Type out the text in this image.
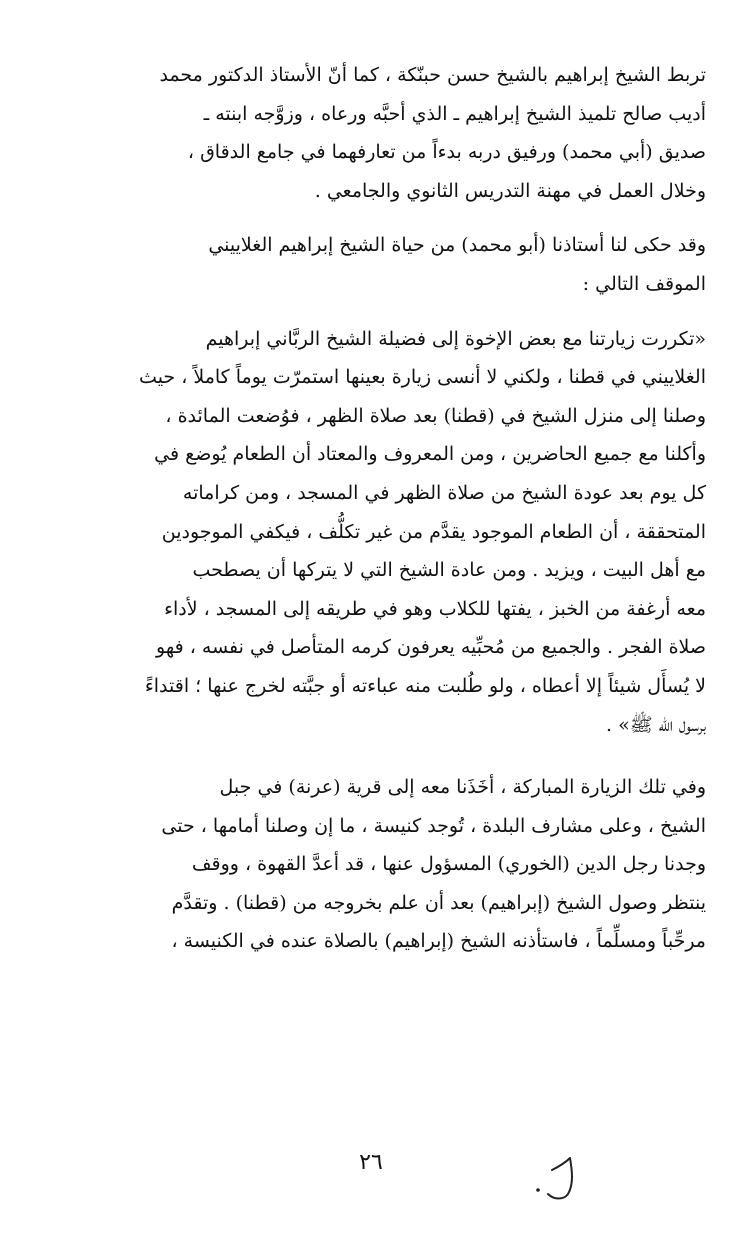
تربط الشيخ إبراهيم بالشيخ حسن حبنّكة ، كما أنّ الأستاذ الدكتور محمد
أديب صالح تلميذ الشيخ إبراهيم ـ الذي أحبَّه ورعاه ، وزوَّجه ابنته ـ
صديق (أبي محمد) ورفيق دربه بدءاً من تعارفهما في جامع الدقاق ،
وخلال العمل في مهنة التدريس الثانوي والجامعي .

وقد حكى لنا أستاذنا (أبو محمد) من حياة الشيخ إبراهيم الغلاييني
الموقف التالي :

«تكررت زيارتنا مع بعض الإخوة إلى فضيلة الشيخ الربَّاني إبراهيم
الغلاييني في قطنا ، ولكني لا أنسى زيارة بعينها استمرّت يوماً كاملاً ، حيث
وصلنا إلى منزل الشيخ في (قطنا) بعد صلاة الظهر ، فوُضعت المائدة ،
وأكلنا مع جميع الحاضرين ، ومن المعروف والمعتاد أن الطعام يُوضع في
كل يوم بعد عودة الشيخ من صلاة الظهر في المسجد ، ومن كراماته
المتحققة ، أن الطعام الموجود يقدَّم من غير تكلُّف ، فيكفي الموجودين
مع أهل البيت ، ويزيد . ومن عادة الشيخ التي لا يتركها أن يصطحب
معه أرغفة من الخبز ، يفتها للكلاب وهو في طريقه إلى المسجد ، لأداء
صلاة الفجر . والجميع من مُحبِّيه يعرفون كرمه المتأصل في نفسه ، فهو
لا يُسأَل شيئاً إلا أعطاه ، ولو طُلبت منه عباءته أو جبَّته لخرج عنها ؛ اقتداءً
برسول الله ﷺ» .

وفي تلك الزيارة المباركة ، أخَذَنا معه إلى قرية (عرنة) في جبل
الشيخ ، وعلى مشارف البلدة ، تُوجد كنيسة ، ما إن وصلنا أمامها ، حتى
وجدنا رجل الدين (الخوري) المسؤول عنها ، قد أعدَّ القهوة ، ووقف
ينتظر وصول الشيخ (إبراهيم) بعد أن علم بخروجه من (قطنا) . وتقدَّم
مرحِّباً ومسلِّماً ، فاستأذنه الشيخ (إبراهيم) بالصلاة عنده في الكنيسة ،

٢٦
